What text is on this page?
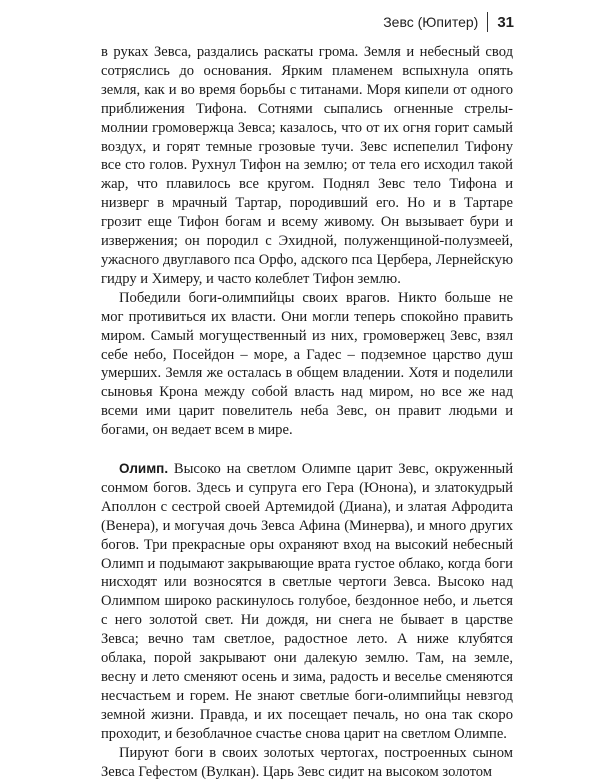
Зевс (Юпитер)	31

в руках Зевса, раздались раскаты грома. Земля и небесный свод сотряслись до основания. Ярким пламенем вспыхнула опять земля, как и во время борьбы с титанами. Моря кипели от одного приближения Тифона. Сотнями сыпались огненные стрелы-молнии громовержца Зевса; казалось, что от их огня горит самый воздух, и горят темные грозовые тучи. Зевс испепелил Тифону все сто голов. Рухнул Тифон на землю; от тела его исходил такой жар, что плавилось все кругом. Поднял Зевс тело Тифона и низверг в мрачный Тартар, породивший его. Но и в Тартаре грозит еще Тифон богам и всему живому. Он вызывает бури и извержения; он породил с Эхидной, полуженщиной-полузмеей, ужасного двуглавого пса Орфо, адского пса Цербера, Лернейскую гидру и Химеру, и часто колеблет Тифон землю.

Победили боги-олимпийцы своих врагов. Никто больше не мог противиться их власти. Они могли теперь спокойно править миром. Самый могущественный из них, громовержец Зевс, взял себе небо, Посейдон – море, а Гадес – подземное царство душ умерших. Земля же осталась в общем владении. Хотя и поделили сыновья Крона между собой власть над миром, но все же над всеми ими царит повелитель неба Зевс, он правит людьми и богами, он ведает всем в мире.

Олимп. Высоко на светлом Олимпе царит Зевс, окруженный сонмом богов. Здесь и супруга его Гера (Юнона), и златокудрый Аполлон с сестрой своей Артемидой (Диана), и златая Афродита (Венера), и могучая дочь Зевса Афина (Минерва), и много других богов. Три прекрасные оры охраняют вход на высокий небесный Олимп и подымают закрывающие врата густое облако, когда боги нисходят или возносятся в светлые чертоги Зевса. Высоко над Олимпом широко раскинулось голубое, бездонное небо, и льется с него золотой свет. Ни дождя, ни снега не бывает в царстве Зевса; вечно там светлое, радостное лето. А ниже клубятся облака, порой закрывают они далекую землю. Там, на земле, весну и лето сменяют осень и зима, радость и веселье сменяются несчастьем и горем. Не знают светлые боги-олимпийцы невзгод земной жизни. Правда, и их посещает печаль, но она так скоро проходит, и безоблачное счастье снова царит на светлом Олимпе.

Пируют боги в своих золотых чертогах, построенных сыном Зевса Гефестом (Вулкан). Царь Зевс сидит на высоком золотом
